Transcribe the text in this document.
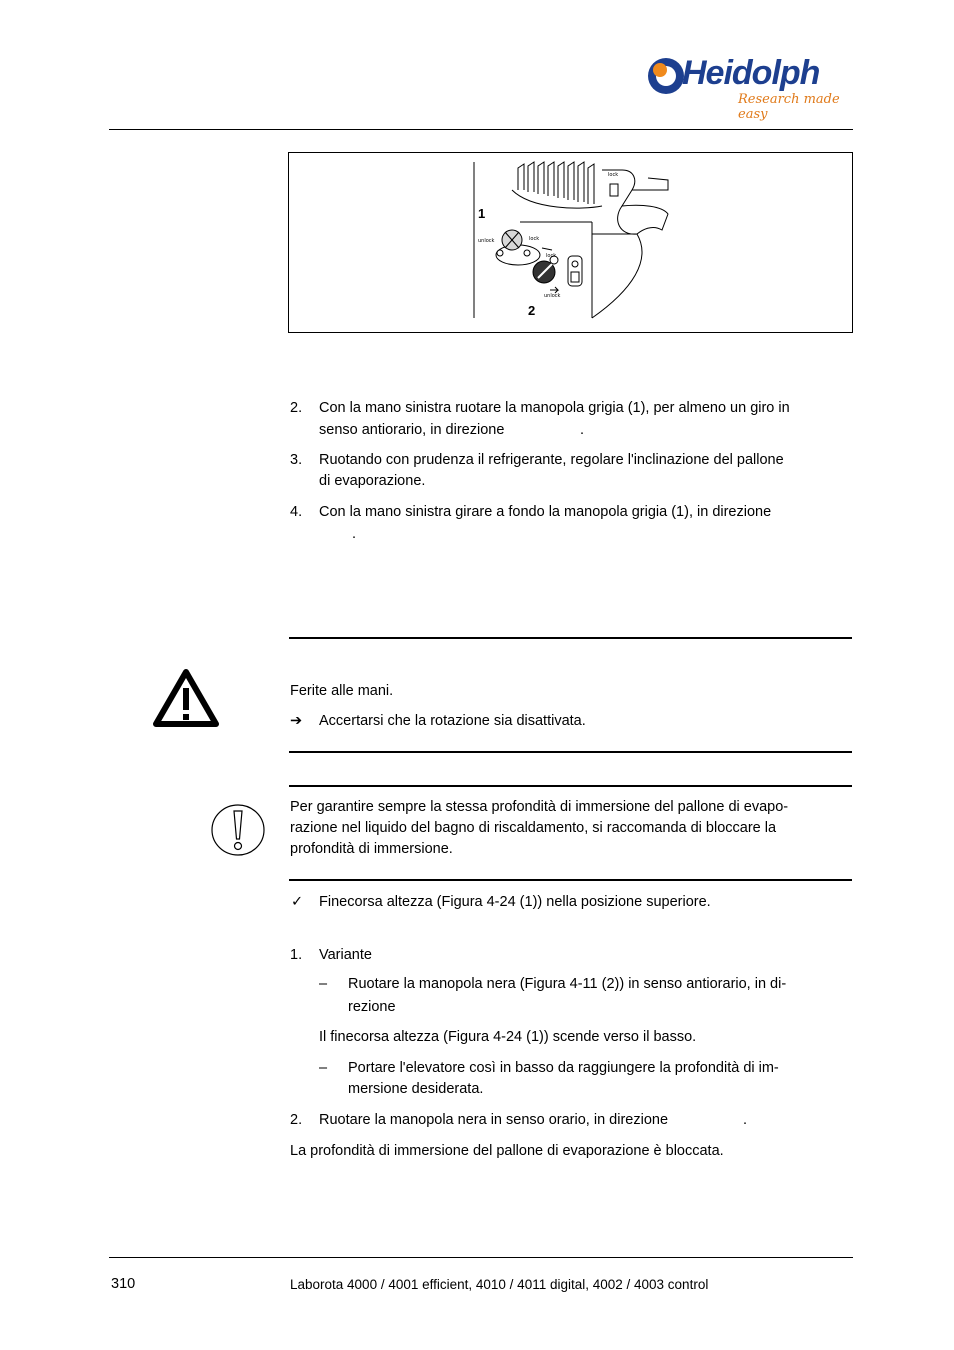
Heidolph
Research made easy
lock
unlock	lock
lock
unlock
1
2
2. Con la mano sinistra ruotare la manopola grigia (1), per almeno un giro in
senso antiorario, in direzione	.
3. Ruotando con prudenza il refrigerante, regolare l'inclinazione del pallone
di evaporazione.
4. Con la mano sinistra girare a fondo la manopola grigia (1), in direzione
.
Ferite alle mani.
➔ Accertarsi che la rotazione sia disattivata.
Per garantire sempre la stessa profondità di immersione del pallone di evapo-
razione nel liquido del bagno di riscaldamento, si raccomanda di bloccare la
profondità di immersione.
✓ Finecorsa altezza (Figura 4-24 (1)) nella posizione superiore.
1. Variante
– Ruotare la manopola nera (Figura 4-11 (2)) in senso antiorario, in di-
rezione
Il finecorsa altezza (Figura 4-24 (1)) scende verso il basso.
– Portare l'elevatore così in basso da raggiungere la profondità di im-
mersione desiderata.
2. Ruotare la manopola nera in senso orario, in direzione	.
La profondità di immersione del pallone di evaporazione è bloccata.
310	Laborota 4000 / 4001 efficient, 4010 / 4011 digital, 4002 / 4003 control
